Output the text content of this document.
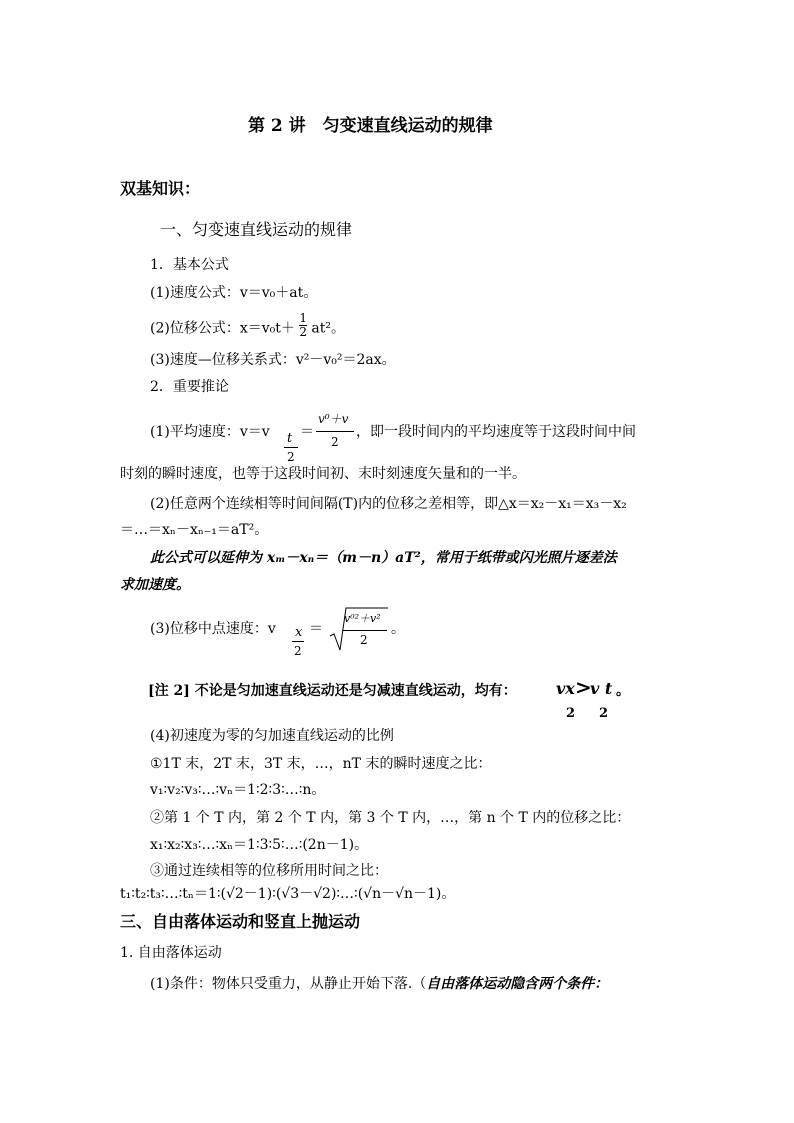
第 2 讲　匀变速直线运动的规律
双基知识：
一、匀变速直线运动的规律
1．基本公式
(1)速度公式：v＝v₀＋at。
(2)位移公式：$x=v_0t+ \frac{1}{2} at^2$。
(3)速度—位移关系式：v²－v₀²＝2ax。
2．重要推论
(1)平均速度：v＝v t
2
＝
v⁰＋v
2
，即一段时间内的平均速度等于这段时间中间
时刻的瞬时速度，也等于这段时间初、末时刻速度矢量和的一半。
(2)任意两个连续相等时间间隔(T)内的位移之差相等，即△x＝x₂－x₁＝x₃－x₂
＝…＝xₙ－xₙ₋₁＝aT²。
此公式可以延伸为 xₘ－xₙ＝（m－n）aT²，常用于纸带或闪光照片逐差法
求加速度。
(3)位移中点速度：v x
2
＝
v⁰²＋v²
2
。
[注 2] 不论是匀加速直线运动还是匀减速直线运动，均有： vx >
v t 。
2 2
(4)初速度为零的匀加速直线运动的比例
①1T 末，2T 末，3T 末，…，nT 末的瞬时速度之比：
v₁∶v₂∶v₃∶…∶vₙ＝1∶2∶3∶…∶n。
②第 1 个 T 内，第 2 个 T 内，第 3 个 T 内，…，第 n 个 T 内的位移之比：
x₁∶x₂∶x₃∶…∶xₙ＝1∶3∶5∶…∶(2n－1)。
③通过连续相等的位移所用时间之比：
t₁∶t₂∶t₃∶…∶tₙ＝1∶(√2－1)∶(√3－√2)∶…∶(√n－√n－1)。
三、自由落体运动和竖直上抛运动
1. 自由落体运动
(1)条件：物体只受重力，从静止开始下落.（自由落体运动隐含两个条件：
